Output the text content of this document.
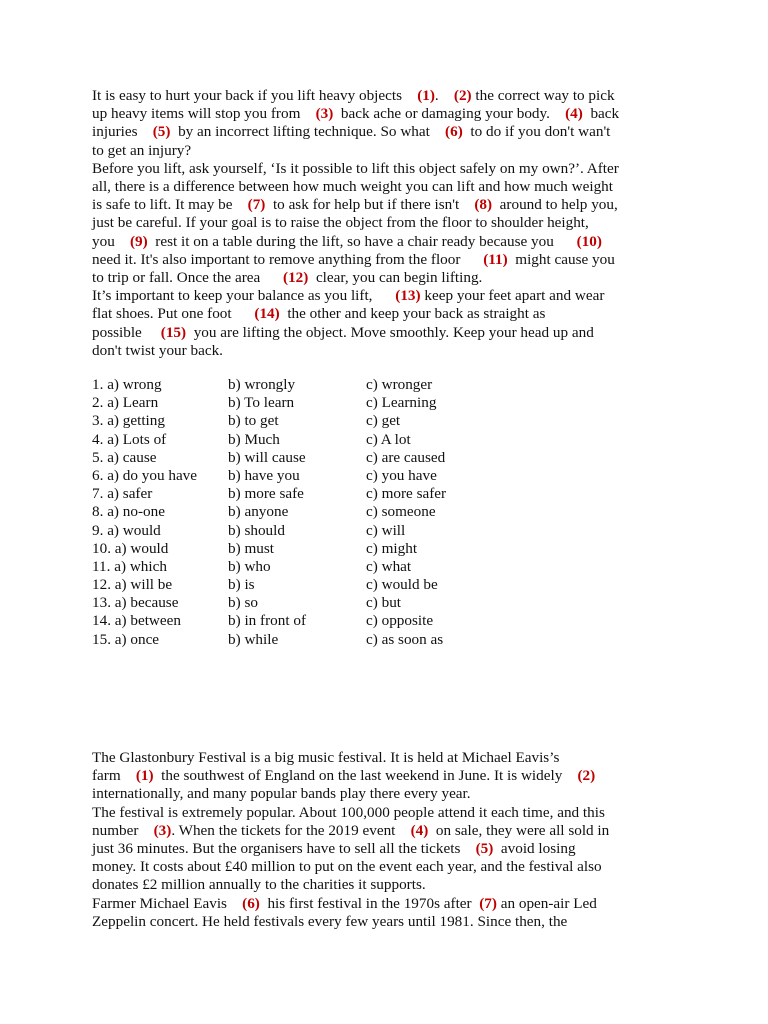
It is easy to hurt your back if you lift heavy objects    (1).    (2) the correct way to pick
up heavy items will stop you from    (3)  back ache or damaging your body.    (4)  back
injuries    (5)  by an incorrect lifting technique. So what    (6)  to do if you don't wan't
to get an injury?
Before you lift, ask yourself, ‘Is it possible to lift this object safely on my own?’. After
all, there is a difference between how much weight you can lift and how much weight
is safe to lift. It may be    (7)  to ask for help but if there isn't    (8)  around to help you,
just be careful. If your goal is to raise the object from the floor to shoulder height,
you    (9)  rest it on a table during the lift, so have a chair ready because you      (10)
need it. It's also important to remove anything from the floor      (11)  might cause you
to trip or fall. Once the area      (12)  clear, you can begin lifting.
It’s important to keep your balance as you lift,      (13) keep your feet apart and wear
flat shoes. Put one foot      (14)  the other and keep your back as straight as
possible     (15)  you are lifting the object. Move smoothly. Keep your head up and
don't twist your back.
1. a) wrong	b) wrongly	c) wronger
2. a) Learn	b) To learn	c) Learning
3. a) getting	b) to get	c) get
4. a) Lots of	b) Much	c) A lot
5. a) cause	b) will cause	c) are caused
6. a) do you have b) have you	c) you have
7. a) safer	b) more safe	c) more safer
8. a) no-one	b) anyone	c) someone
9. a) would	b) should	c) will
10. a) would	b) must	c) might
11. a) which	b) who	c) what
12. a) will be	b) is	c) would be
13. a) because	b) so	c) but
14. a) between	b) in front of	c) opposite
15. a) once	b) while	c) as soon as
The Glastonbury Festival is a big music festival. It is held at Michael Eavis’s
farm    (1)  the southwest of England on the last weekend in June. It is widely    (2)
internationally, and many popular bands play there every year.
The festival is extremely popular. About 100,000 people attend it each time, and this
number    (3). When the tickets for the 2019 event    (4)  on sale, they were all sold in
just 36 minutes. But the organisers have to sell all the tickets    (5)  avoid losing
money. It costs about £40 million to put on the event each year, and the festival also
donates £2 million annually to the charities it supports.
Farmer Michael Eavis    (6)  his first festival in the 1970s after  (7) an open-air Led
Zeppelin concert. He held festivals every few years until 1981. Since then, the
